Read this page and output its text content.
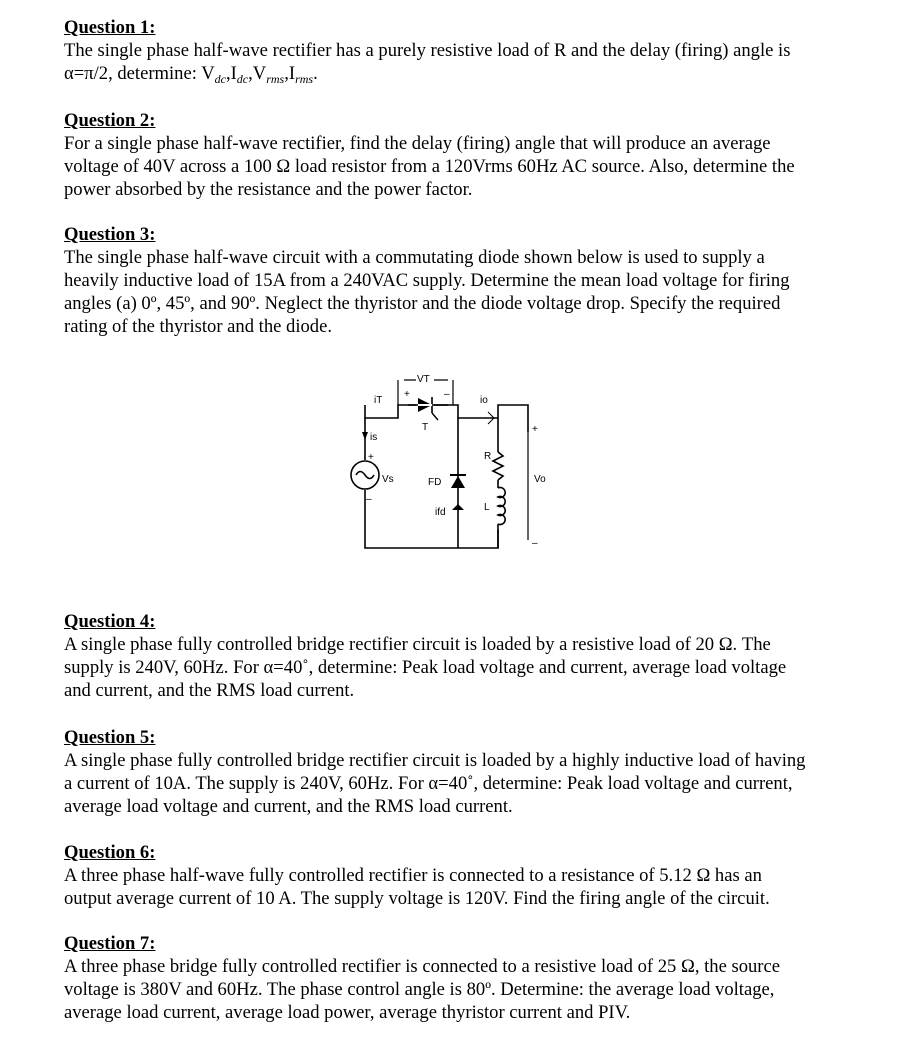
Question 1:
The single phase half-wave rectifier has a purely resistive load of R and the delay (firing) angle is
α=π/2, determine: $V_{dc},I_{dc},V_{rms},I_{rms}$.
Question 2:
For a single phase half-wave rectifier, find the delay (firing) angle that will produce an average
voltage of 40V across a 100 Ω load resistor from a 120Vrms 60Hz AC source. Also, determine the
power absorbed by the resistance and the power factor.
Question 3:
The single phase half-wave circuit with a commutating diode shown below is used to supply a
heavily inductive load of 15A from a 240VAC supply. Determine the mean load voltage for firing
angles (a) 0º, 45º, and 90º. Neglect the thyristor and the diode voltage drop. Specify the required
rating of the thyristor and the diode.
Question 4:
A single phase fully controlled bridge rectifier circuit is loaded by a resistive load of 20 Ω. The
supply is 240V, 60Hz. For α=40˚, determine: Peak load voltage and current, average load voltage
and current, and the RMS load current.
Question 5:
A single phase fully controlled bridge rectifier circuit is loaded by a highly inductive load of having
a current of 10A. The supply is 240V, 60Hz. For α=40˚, determine: Peak load voltage and current,
average load voltage and current, and the RMS load current.
Question 6:
A three phase half-wave fully controlled rectifier is connected to a resistance of 5.12 Ω has an
output average current of 10 A. The supply voltage is 120V. Find the firing angle of the circuit.
Question 7:
A three phase bridge fully controlled rectifier is connected to a resistive load of 25 Ω, the source
voltage is 380V and 60Hz. The phase control angle is 80º. Determine: the average load voltage,
average load current, average load power, average thyristor current and PIV.
iT
VT
+	–
T
io
is
+
Vs
–
FD
ifd
R
L
Vo
+
–
